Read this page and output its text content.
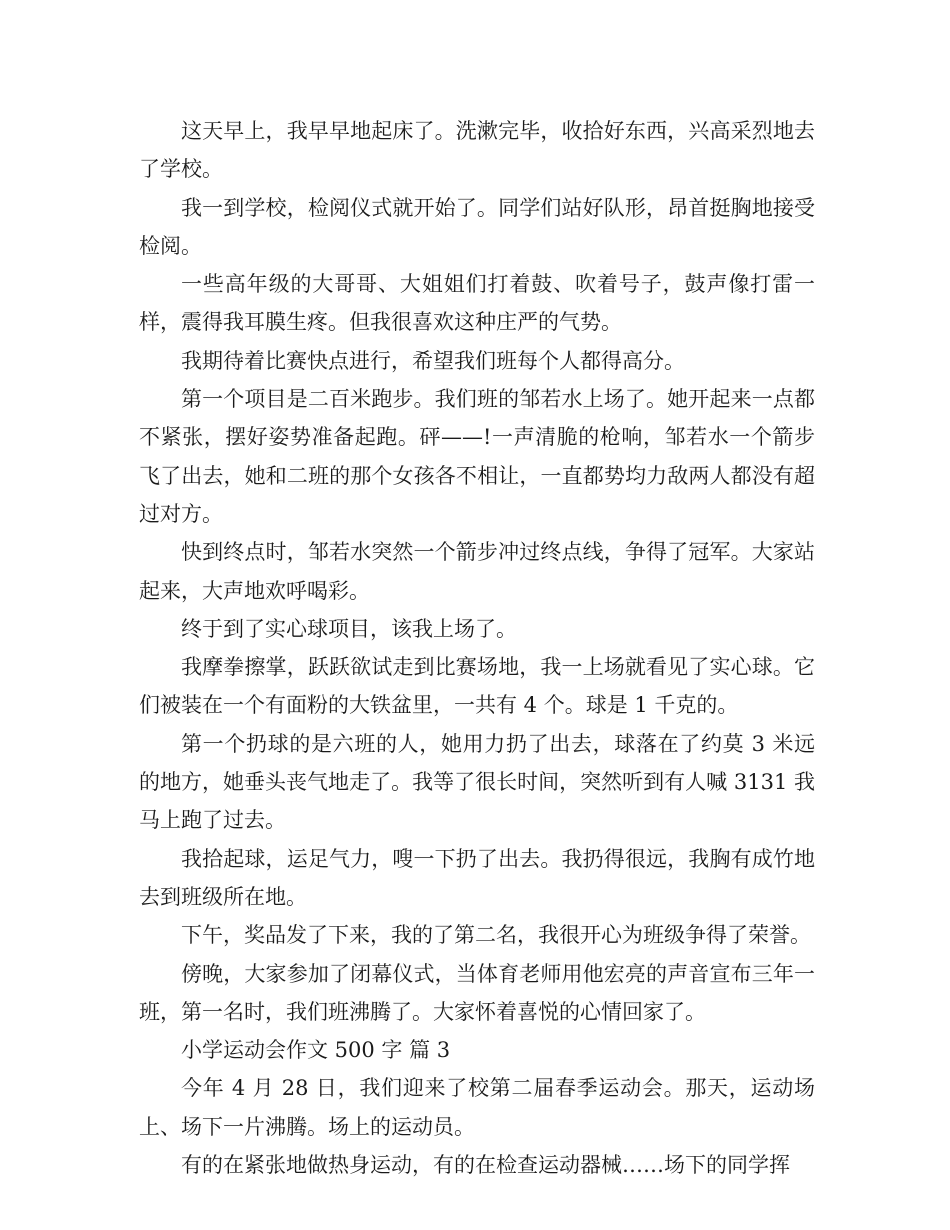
这天早上，我早早地起床了。洗漱完毕，收拾好东西，兴高采烈地去了学校。

我一到学校，检阅仪式就开始了。同学们站好队形，昂首挺胸地接受检阅。

一些高年级的大哥哥、大姐姐们打着鼓、吹着号子，鼓声像打雷一样，震得我耳膜生疼。但我很喜欢这种庄严的气势。

我期待着比赛快点进行，希望我们班每个人都得高分。

第一个项目是二百米跑步。我们班的邹若水上场了。她开起来一点都不紧张，摆好姿势准备起跑。砰——!一声清脆的枪响，邹若水一个箭步飞了出去，她和二班的那个女孩各不相让，一直都势均力敌两人都没有超过对方。

快到终点时，邹若水突然一个箭步冲过终点线，争得了冠军。大家站起来，大声地欢呼喝彩。

终于到了实心球项目，该我上场了。

我摩拳擦掌，跃跃欲试走到比赛场地，我一上场就看见了实心球。它们被装在一个有面粉的大铁盆里，一共有 4 个。球是 1 千克的。

第一个扔球的是六班的人，她用力扔了出去，球落在了约莫 3 米远的地方，她垂头丧气地走了。我等了很长时间，突然听到有人喊 3131 我马上跑了过去。

我拾起球，运足气力，嗖一下扔了出去。我扔得很远，我胸有成竹地去到班级所在地。

下午，奖品发了下来，我的了第二名，我很开心为班级争得了荣誉。

傍晚，大家参加了闭幕仪式，当体育老师用他宏亮的声音宣布三年一班，第一名时，我们班沸腾了。大家怀着喜悦的心情回家了。

小学运动会作文 500 字 篇 3

今年 4 月 28 日，我们迎来了校第二届春季运动会。那天，运动场上、场下一片沸腾。场上的运动员。

有的在紧张地做热身运动，有的在检查运动器械……场下的同学挥
